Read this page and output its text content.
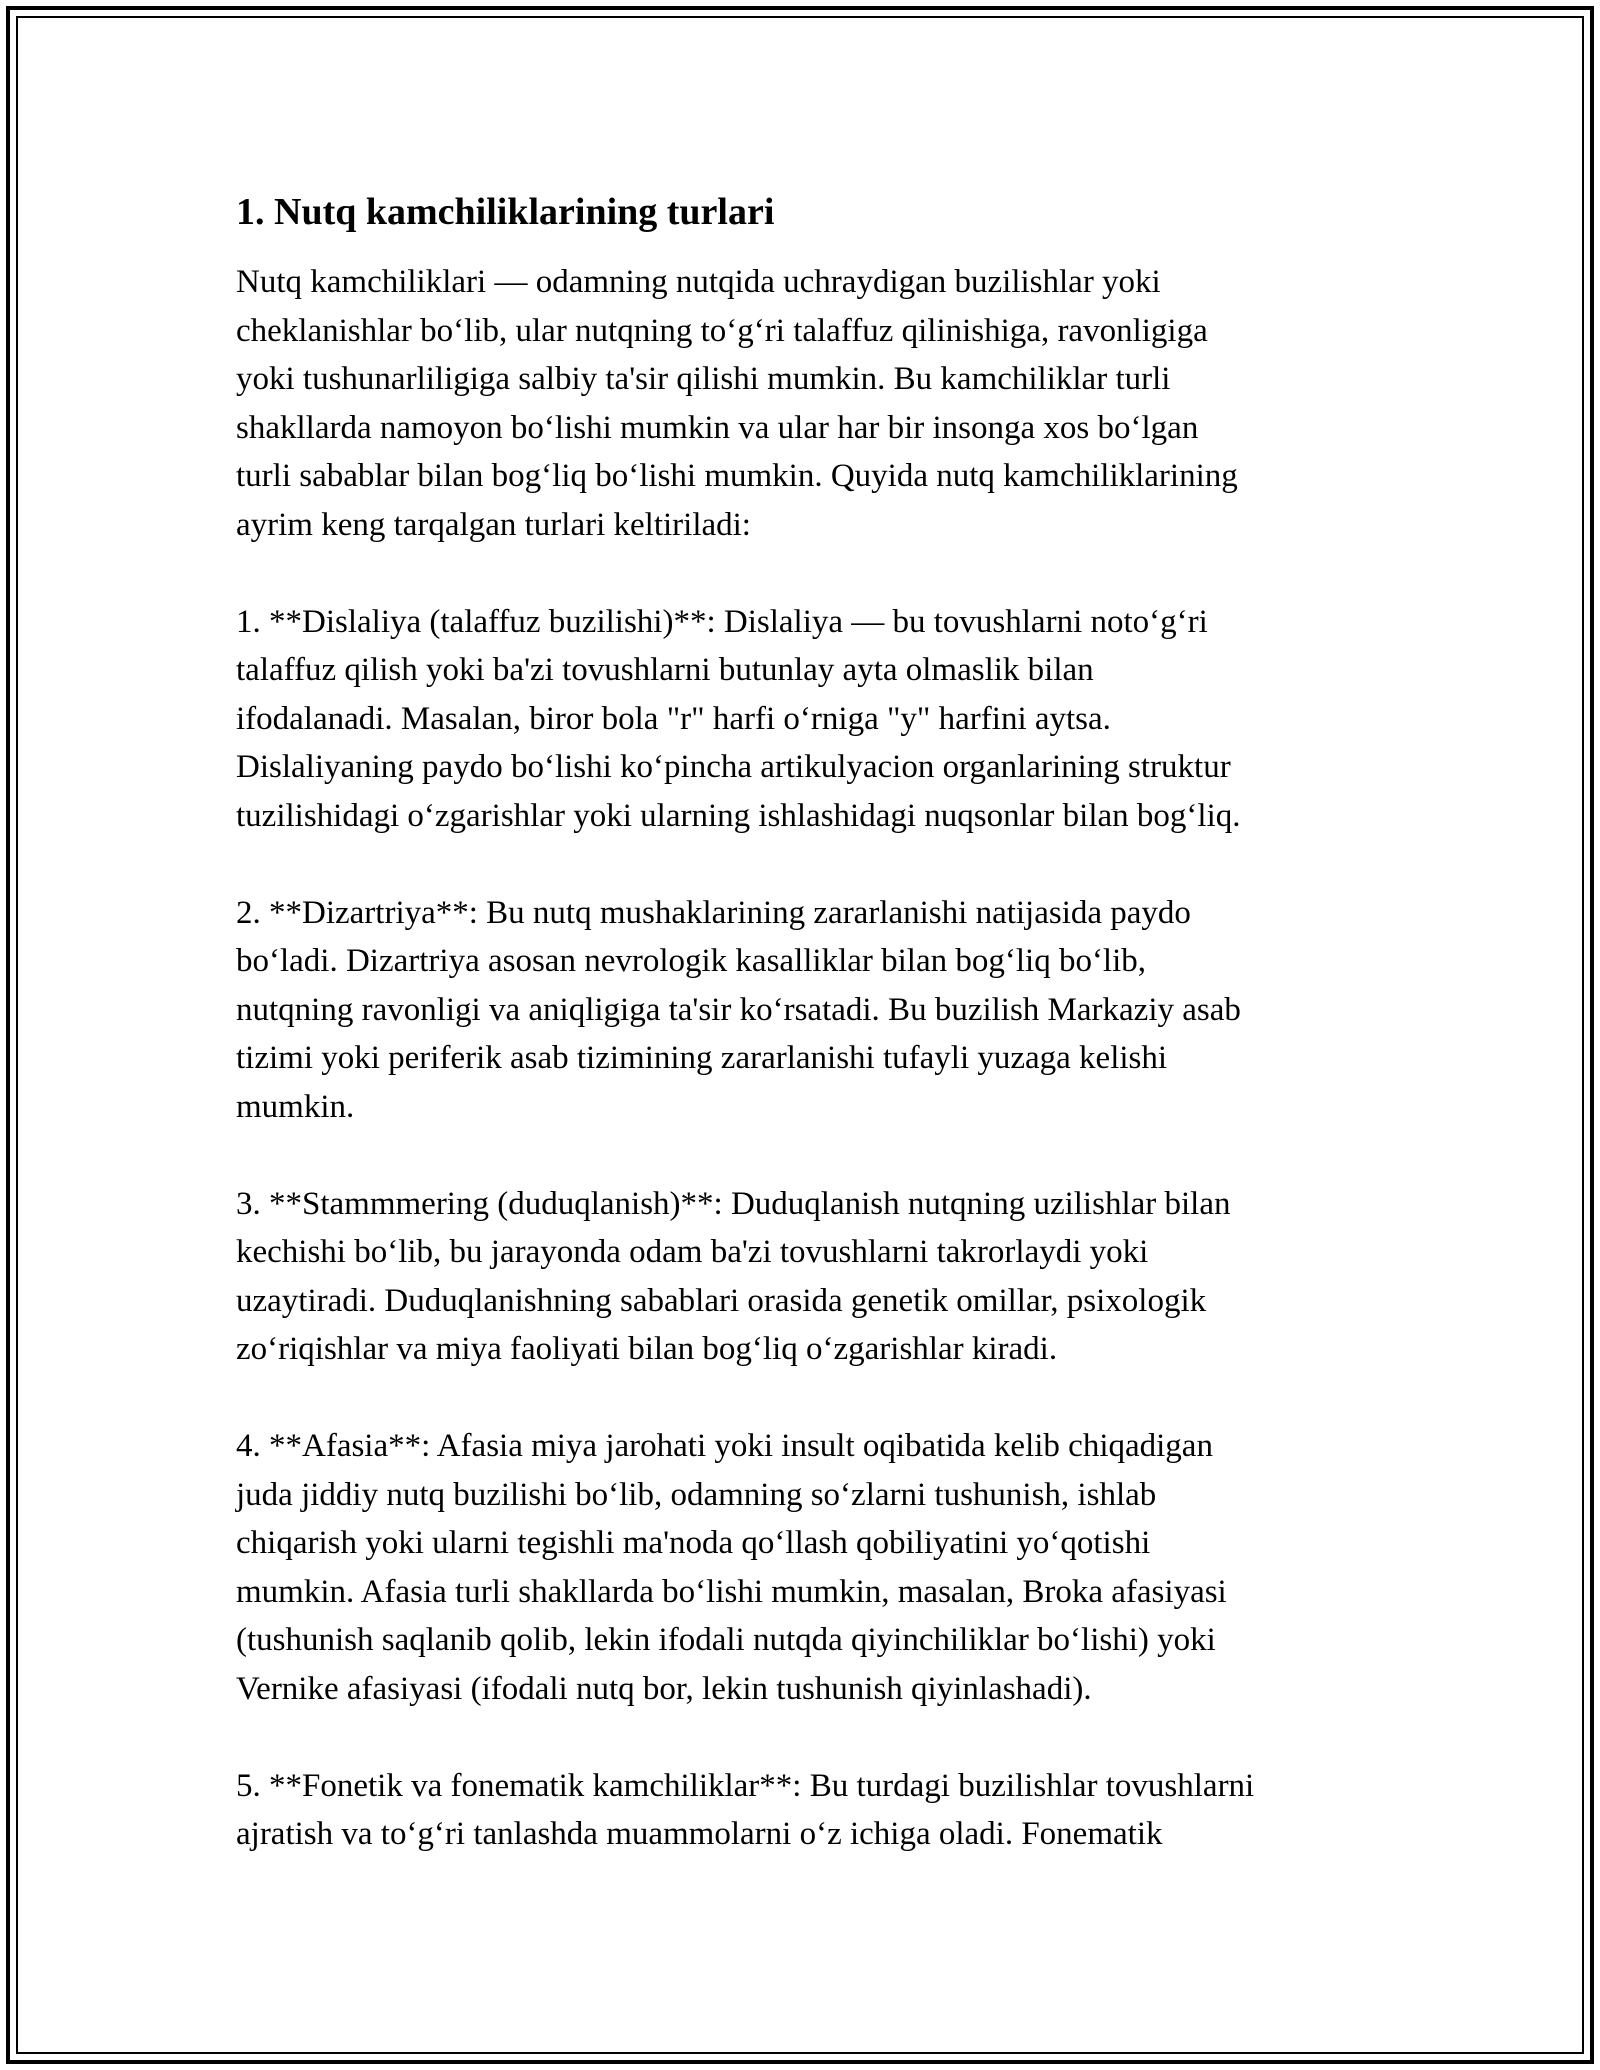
1. Nutq kamchiliklarining turlari

Nutq kamchiliklari — odamning nutqida uchraydigan buzilishlar yoki
cheklanishlar bo‘lib, ular nutqning to‘g‘ri talaffuz qilinishiga, ravonligiga
yoki tushunarliligiga salbiy ta'sir qilishi mumkin. Bu kamchiliklar turli
shakllarda namoyon bo‘lishi mumkin va ular har bir insonga xos bo‘lgan
turli sabablar bilan bog‘liq bo‘lishi mumkin. Quyida nutq kamchiliklarining
ayrim keng tarqalgan turlari keltiriladi:

1. **Dislaliya (talaffuz buzilishi)**: Dislaliya — bu tovushlarni noto‘g‘ri
talaffuz qilish yoki ba'zi tovushlarni butunlay ayta olmaslik bilan
ifodalanadi. Masalan, biror bola "r" harfi o‘rniga "y" harfini aytsa.
Dislaliyaning paydo bo‘lishi ko‘pincha artikulyacion organlarining struktur
tuzilishidagi o‘zgarishlar yoki ularning ishlashidagi nuqsonlar bilan bog‘liq.

2. **Dizartriya**: Bu nutq mushaklarining zararlanishi natijasida paydo
bo‘ladi. Dizartriya asosan nevrologik kasalliklar bilan bog‘liq bo‘lib,
nutqning ravonligi va aniqligiga ta'sir ko‘rsatadi. Bu buzilish Markaziy asab
tizimi yoki periferik asab tizimining zararlanishi tufayli yuzaga kelishi
mumkin.

3. **Stammmering (duduqlanish)**: Duduqlanish nutqning uzilishlar bilan
kechishi bo‘lib, bu jarayonda odam ba'zi tovushlarni takrorlaydi yoki
uzaytiradi. Duduqlanishning sabablari orasida genetik omillar, psixologik
zo‘riqishlar va miya faoliyati bilan bog‘liq o‘zgarishlar kiradi.

4. **Afasia**: Afasia miya jarohati yoki insult oqibatida kelib chiqadigan
juda jiddiy nutq buzilishi bo‘lib, odamning so‘zlarni tushunish, ishlab
chiqarish yoki ularni tegishli ma'noda qo‘llash qobiliyatini yo‘qotishi
mumkin. Afasia turli shakllarda bo‘lishi mumkin, masalan, Broka afasiyasi
(tushunish saqlanib qolib, lekin ifodali nutqda qiyinchiliklar bo‘lishi) yoki
Vernike afasiyasi (ifodali nutq bor, lekin tushunish qiyinlashadi).

5. **Fonetik va fonematik kamchiliklar**: Bu turdagi buzilishlar tovushlarni
ajratish va to‘g‘ri tanlashda muammolarni o‘z ichiga oladi. Fonematik
